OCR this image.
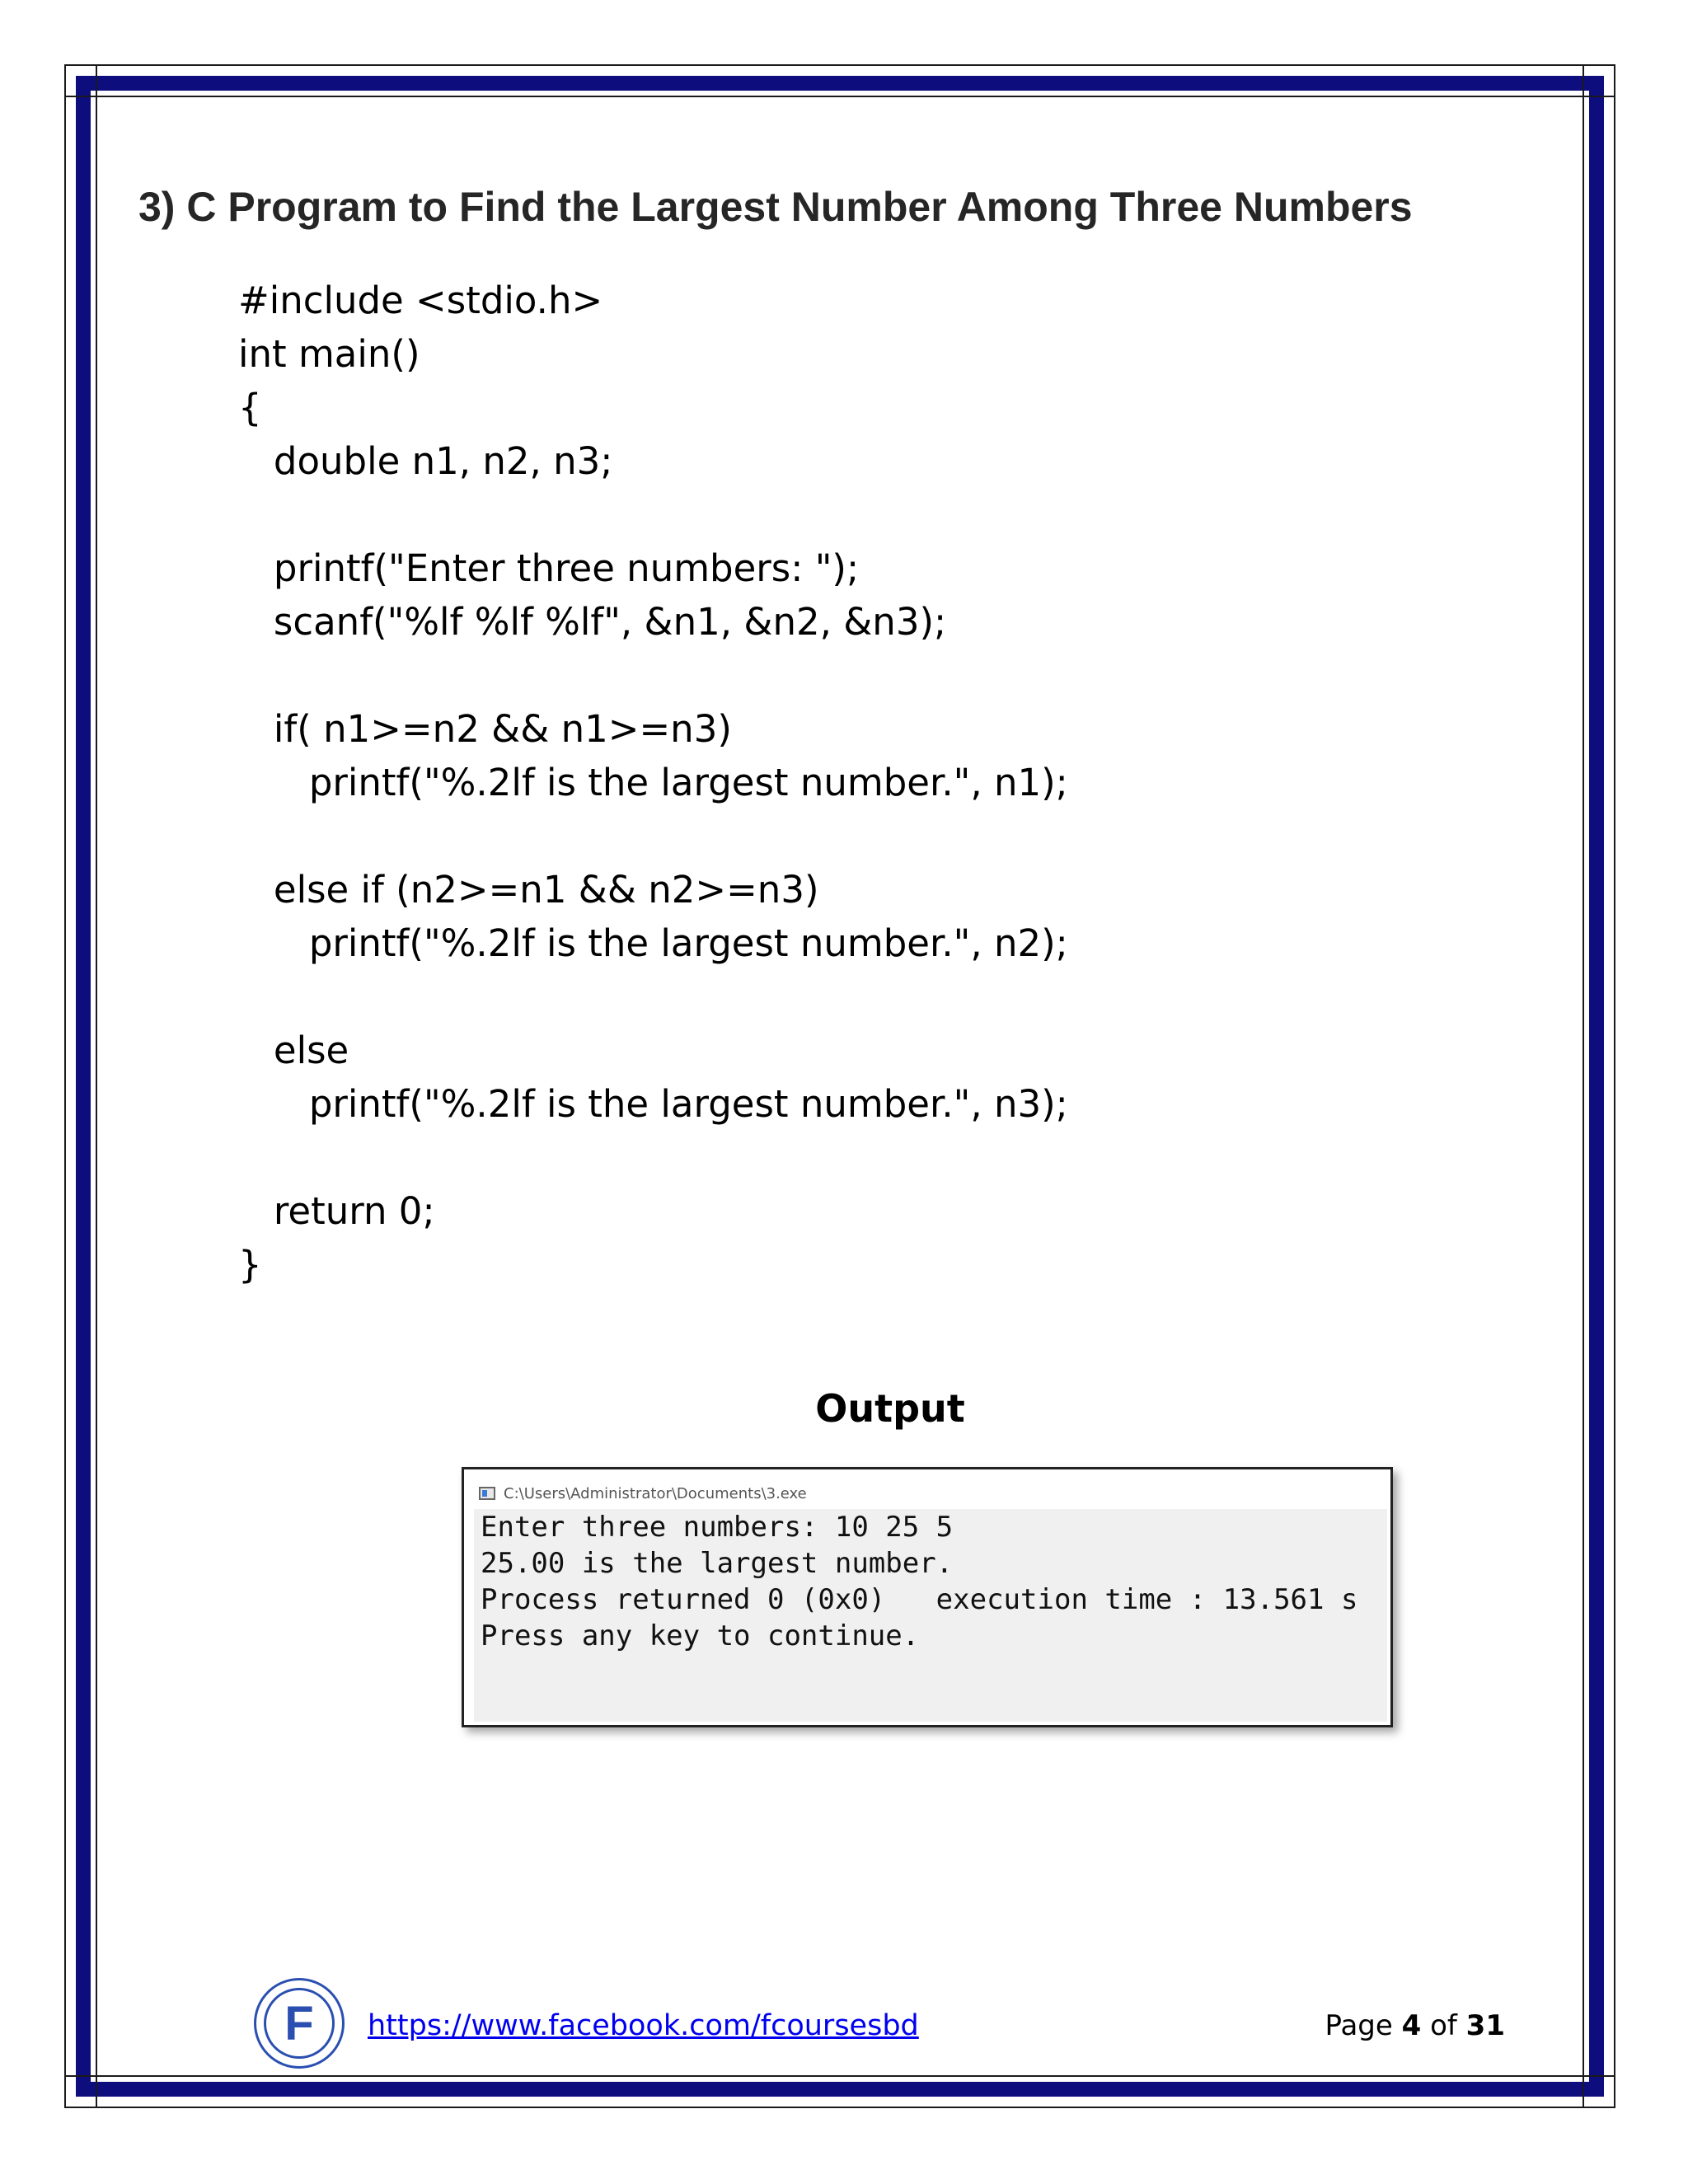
3) C Program to Find the Largest Number Among Three Numbers
#include <stdio.h>
int main()
{
double n1, n2, n3;
printf("Enter three numbers: ");
scanf("%lf %lf %lf", &n1, &n2, &n3);
if( n1>=n2 && n1>=n3)
printf("%.2lf is the largest number.", n1);
else if (n2>=n1 && n2>=n3)
printf("%.2lf is the largest number.", n2);
else
printf("%.2lf is the largest number.", n3);
return 0;
}
Output
C:\Users\Administrator\Documents\3.exe
Enter three numbers: 10 25 5
25.00 is the largest number.
Process returned 0 (0x0)   execution time : 13.561 s
Press any key to continue.
F	https://www.facebook.com/fcoursesbd	Page 4 of 31
